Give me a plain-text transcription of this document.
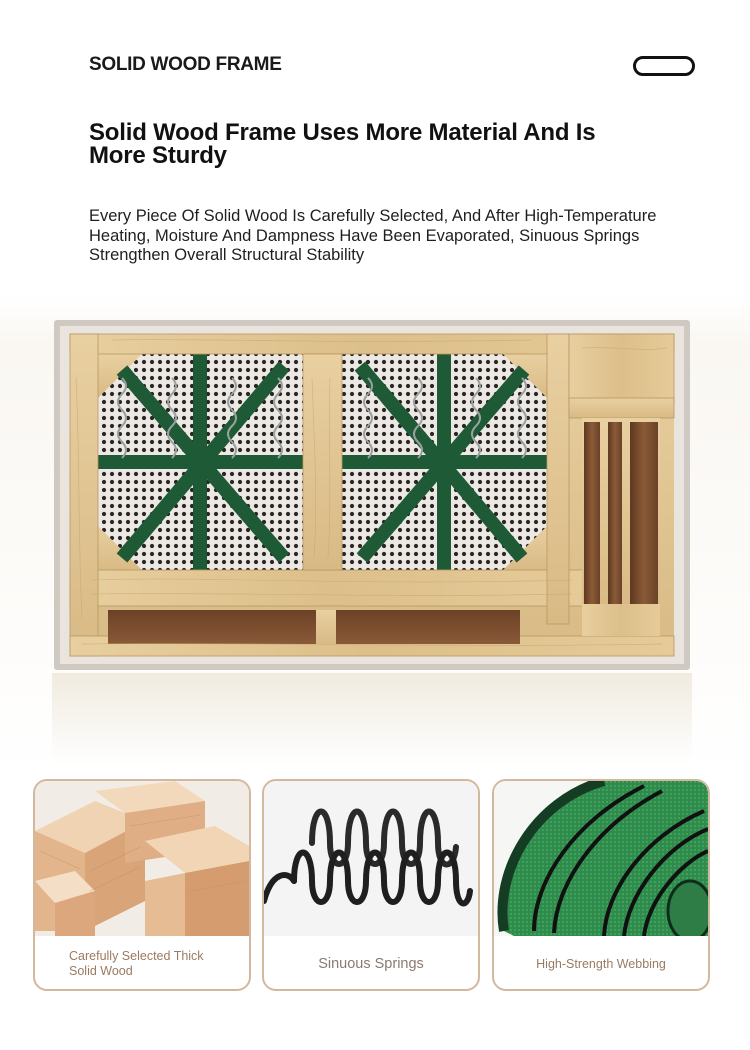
SOLID WOOD FRAME
Solid Wood Frame Uses More Material And Is More Sturdy
Every Piece Of Solid Wood Is Carefully Selected, And After High-Temperature Heating, Moisture And Dampness Have Been Evaporated, Sinuous Springs Strengthen Overall Structural Stability
Carefully Selected Thick Solid Wood	Sinuous Springs	High-Strength Webbing
